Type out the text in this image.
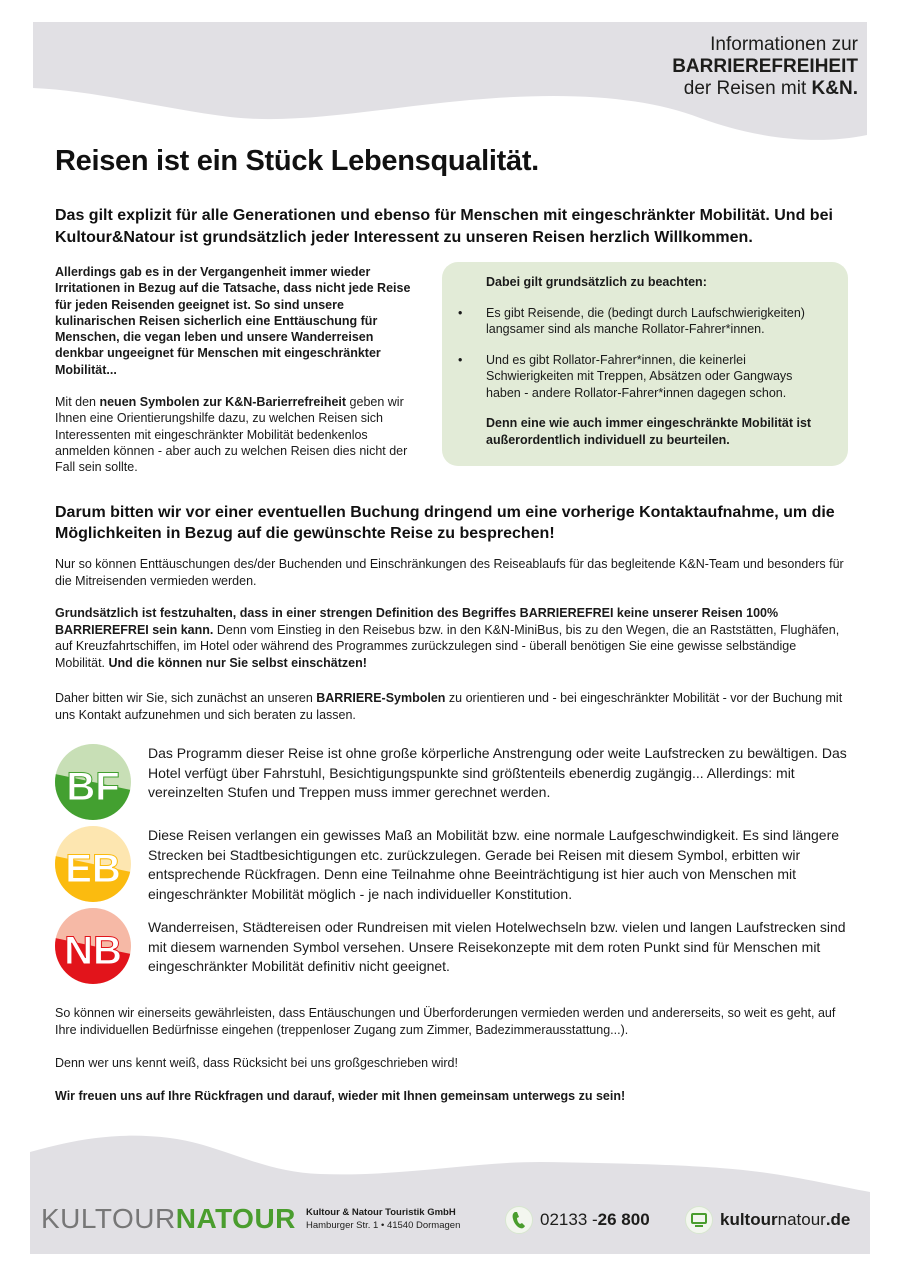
Informationen zur
BARRIEREFREIHEIT
der Reisen mit K&N.
Reisen ist ein Stück Lebensqualität.

Das gilt explizit für alle Generationen und ebenso für Menschen mit eingeschränkter Mobilität. Und bei Kultour&Natour ist grundsätzlich jeder Interessent zu unseren Reisen herzlich Willkommen.

Allerdings gab es in der Vergangenheit immer wieder Irritationen in Bezug auf die Tatsache, dass nicht jede Reise für jeden Reisenden geeignet ist. So sind unsere kulinarischen Reisen sicherlich eine Enttäuschung für Menschen, die vegan leben und unsere Wanderreisen denkbar ungeeignet für Menschen mit eingeschränkter Mobilität...

Mit den neuen Symbolen zur K&N-Barierrefreiheit geben wir Ihnen eine Orientierungshilfe dazu, zu welchen Reisen sich Interessenten mit eingeschränkter Mobilität bedenkenlos anmelden können - aber auch zu welchen Reisen dies nicht der Fall sein sollte.

Dabei gilt grundsätzlich zu beachten:

• Es gibt Reisende, die (bedingt durch Laufschwierigkeiten) langsamer sind als manche Rollator-Fahrer*innen.
• Und es gibt Rollator-Fahrer*innen, die keinerlei Schwierigkeiten mit Treppen, Absätzen oder Gangways haben - andere Rollator-Fahrer*innen dagegen schon.

Denn eine wie auch immer eingeschränkte Mobilität ist außerordentlich individuell zu beurteilen.

Darum bitten wir vor einer eventuellen Buchung dringend um eine vorherige Kontaktaufnahme, um die Möglichkeiten in Bezug auf die gewünschte Reise zu besprechen!

Nur so können Enttäuschungen des/der Buchenden und Einschränkungen des Reiseablaufs für das begleitende K&N-Team und besonders für die Mitreisenden vermieden werden.

Grundsätzlich ist festzuhalten, dass in einer strengen Definition des Begriffes BARRIEREFREI keine unserer Reisen 100% BARRIEREFREI sein kann. Denn vom Einstieg in den Reisebus bzw. in den K&N-MiniBus, bis zu den Wegen, die an Raststätten, Flughäfen, auf Kreuzfahrtschiffen, im Hotel oder während des Programmes zurückzulegen sind - überall benötigen Sie eine gewisse selbständige Mobilität. Und die können nur Sie selbst einschätzen!

Daher bitten wir Sie, sich zunächst an unseren BARRIERE-Symbolen zu orientieren und - bei eingeschränkter Mobilität - vor der Buchung mit uns Kontakt aufzunehmen und sich beraten zu lassen.

BF
Das Programm dieser Reise ist ohne große körperliche Anstrengung oder weite Laufstrecken zu bewältigen. Das Hotel verfügt über Fahrstuhl, Besichtigungspunkte sind größtenteils ebenerdig zugängig... Allerdings: mit vereinzelten Stufen und Treppen muss immer gerechnet werden.
EB
Diese Reisen verlangen ein gewisses Maß an Mobilität bzw. eine normale Laufgeschwindigkeit. Es sind längere Strecken bei Stadtbesichtigungen etc. zurückzulegen. Gerade bei Reisen mit diesem Symbol, erbitten wir entsprechende Rückfragen. Denn eine Teilnahme ohne Beeinträchtigung ist hier auch von Menschen mit eingeschränkter Mobilität möglich - je nach individueller Konstitution.
NB
Wanderreisen, Städtereisen oder Rundreisen mit vielen Hotelwechseln bzw. vielen und langen Laufstrecken sind mit diesem warnenden Symbol versehen. Unsere Reisekonzepte mit dem roten Punkt sind für Menschen mit eingeschränkter Mobilität definitiv nicht geeignet.

So können wir einerseits gewährleisten, dass Entäuschungen und Überforderungen vermieden werden und andererseits, so weit es geht, auf Ihre individuellen Bedürfnisse eingehen (treppenloser Zugang zum Zimmer, Badezimmerausstattung...).

Denn wer uns kennt weiß, dass Rücksicht bei uns großgeschrieben wird!

Wir freuen uns auf Ihre Rückfragen und darauf, wieder mit Ihnen gemeinsam unterwegs zu sein!

KULTOURNATOUR Kultour & Natour Touristik GmbH
Hamburger Str. 1 • 41540 Dormagen	02133 - 26 800	kultour natour .de
